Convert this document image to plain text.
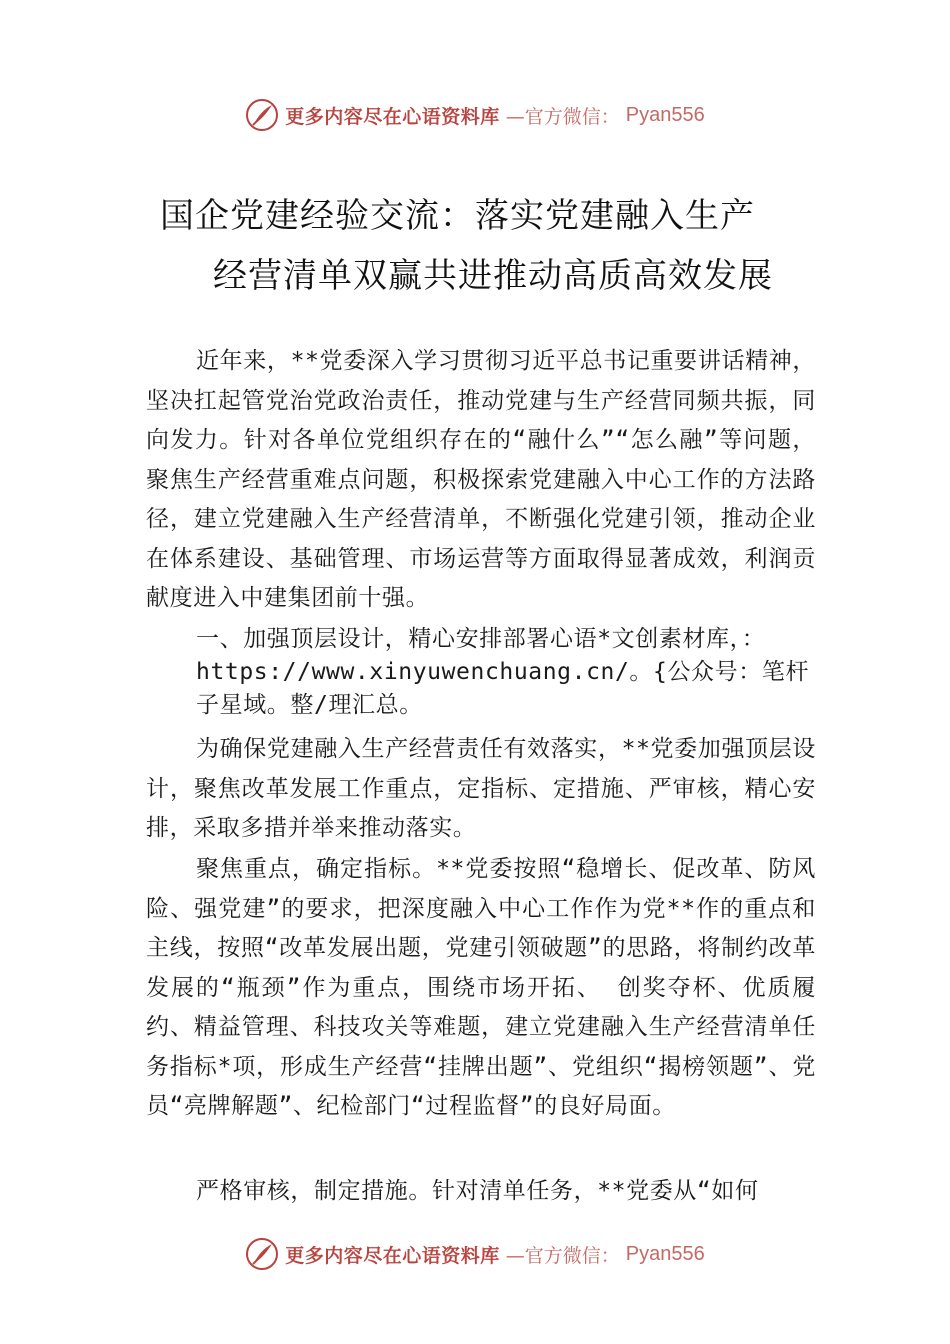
更多内容尽在心语资料库 —官方微信： Pyan556
国企党建经验交流：落实党建融入生产
经营清单双赢共进推动高质高效发展
近年来，**党委深入学习贯彻习近平总书记重要讲话精神，坚决扛起管党治党政治责任，推动党建与生产经营同频共振，同向发力。针对各单位党组织存在的“融什么”“怎么融”等问题，聚焦生产经营重难点问题，积极探索党建融入中心工作的方法路径，建立党建融入生产经营清单，不断强化党建引领，推动企业在体系建设、基础管理、市场运营等方面取得显著成效，利润贡献度进入中建集团前十强。
一、加强顶层设计，精心安排部署心语*文创素材库，：https://www.xinyuwenchuang.cn/。{公众号：笔杆子星域。整/理汇总。
为确保党建融入生产经营责任有效落实，**党委加强顶层设计，聚焦改革发展工作重点，定指标、定措施、严审核，精心安排，采取多措并举来推动落实。
聚焦重点，确定指标。**党委按照“稳增长、促改革、防风险、强党建”的要求，把深度融入中心工作作为党**作的重点和主线，按照“改革发展出题，党建引领破题”的思路，将制约改革发展的“瓶颈”作为重点，围绕市场开拓、 创奖夺杯、优质履约、精益管理、科技攻关等难题，建立党建融入生产经营清单任务指标*项，形成生产经营“挂牌出题”、党组织“揭榜领题”、党员“亮牌解题”、纪检部门“过程监督”的良好局面。
严格审核，制定措施。针对清单任务，**党委从“如何
更多内容尽在心语资料库 —官方微信： Pyan556
